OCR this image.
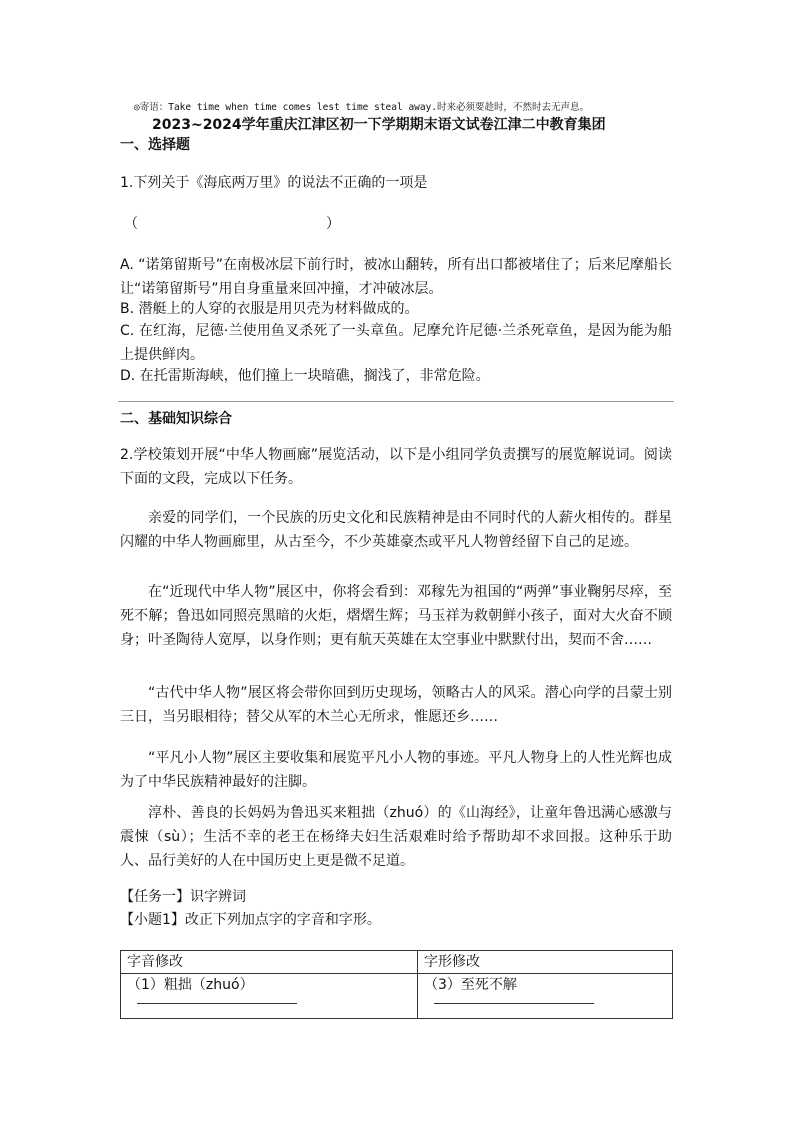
◎寄语：Take time when time comes lest time steal away.时来必须要趁时，不然时去无声息。
2023~2024学年重庆江津区初一下学期期末语文试卷江津二中教育集团
一、选择题
1.下列关于《海底两万里》的说法不正确的一项是
（	）
A. “诺第留斯号”在南极冰层下前行时，被冰山翻转，所有出口都被堵住了；后来尼摩船长让“诺第留斯号”用自身重量来回冲撞，才冲破冰层。
B. 潜艇上的人穿的衣服是用贝壳为材料做成的。
C. 在红海，尼德·兰使用鱼叉杀死了一头章鱼。尼摩允许尼德·兰杀死章鱼，是因为能为船上提供鲜肉。
D. 在托雷斯海峡，他们撞上一块暗礁，搁浅了，非常危险。
二、基础知识综合
2.学校策划开展“中华人物画廊”展览活动，以下是小组同学负责撰写的展览解说词。阅读下面的文段，完成以下任务。
亲爱的同学们，一个民族的历史文化和民族精神是由不同时代的人薪火相传的。群星闪耀的中华人物画廊里，从古至今，不少英雄豪杰或平凡人物曾经留下自己的足迹。
在“近现代中华人物”展区中，你将会看到：邓稼先为祖国的“两弹”事业鞠躬尽瘁，至死不解；鲁迅如同照亮黑暗的火炬，熠熠生辉；马玉祥为救朝鲜小孩子，面对大火奋不顾身；叶圣陶待人宽厚，以身作则；更有航天英雄在太空事业中默默付出，契而不舍……
“古代中华人物”展区将会带你回到历史现场，领略古人的风采。潜心向学的吕蒙士别三日，当另眼相待；替父从军的木兰心无所求，惟愿还乡……
“平凡小人物”展区主要收集和展览平凡小人物的事迹。平凡人物身上的人性光辉也成为了中华民族精神最好的注脚。
淳朴、善良的长妈妈为鲁迅买来粗拙（zhuó）的《山海经》，让童年鲁迅满心感激与震悚（sù）；生活不幸的老王在杨绛夫妇生活艰难时给予帮助却不求回报。这种乐于助人、品行美好的人在中国历史上更是微不足道。
【任务一】识字辨词
【小题1】改正下列加点字的字音和字形。
字音修改	字形修改
（1）粗拙（zhuó）	（3）至死不解
